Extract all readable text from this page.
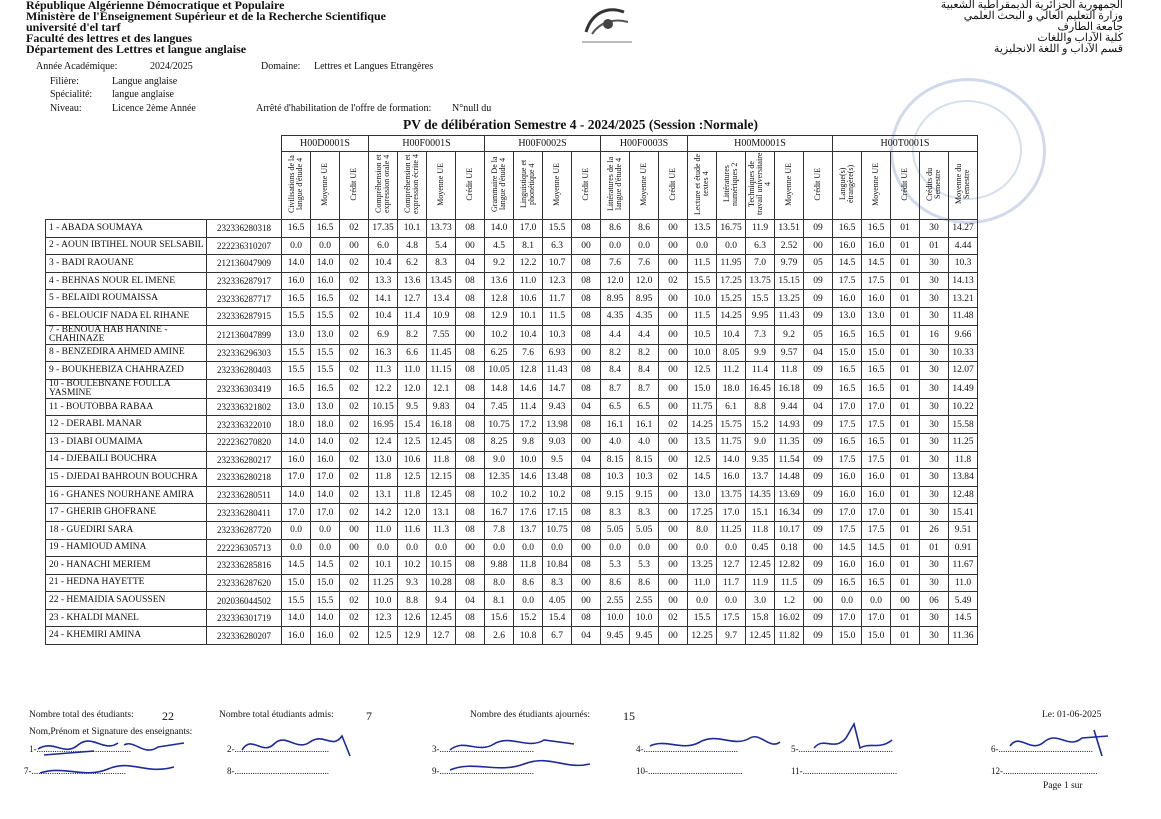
République Algérienne Démocratique et Populaire
Ministère de l'Enseignement Supérieur et de la Recherche Scientifique
université d'el tarf
Faculté des lettres et des langues
Département des Lettres et langue anglaise
الجمهورية الجزائرية الديمقراطية الشعبية
وزارة التعليم العالي و البحث العلمي
جامعة الطارف
كلية الآداب واللغات
قسم الآداب و اللغة الانجليزية
Année Académique:	2024/2025	Domaine: Lettres et Langues Etrangères
Filière:	Langue anglaise
Spécialité: langue anglaise
Niveau:	Licence 2ème Année	Arrêté d'habilitation de l'offre de formation: N°null du
PV de délibération Semestre 4 - 2024/2025 (Session :Normale)
		H00D0001S			H00F0001S				H00F0002S				H00F0003S			H00M0001S					H00T0001S				
		Civilisations de la langue d'étude 4	Moyenne UE	Crédit UE	Compréhension et expression orale 4	Compréhension et expression écrite 4	Moyenne UE	Crédit UE	Grammaire De la langue d'étude 4	Linguistique et phonétique 4	Moyenne UE	Crédit UE	Littératures de la langue d'étude 4	Moyenne UE	Crédit UE	Lecture et étude de textes 4	Littératures numériques 2	Techniques de travail universitaire 4	Moyenne UE	Crédit UE	Langue(s) étrangère(s)	Moyenne UE	Crédit UE	Crédits du Semestre	Moyenne du Semestre
1 - ABADA SOUMAYA	232336280318	16.5	16.5	02	17.35	10.1	13.73	08	14.0	17.0	15.5	08	8.6	8.6	00	13.5	16.75	11.9	13.51	09	16.5	16.5	01	30	14.27
2 - AOUN IBTIHEL NOUR SELSABIL	222236310207	0.0	0.0	00	6.0	4.8	5.4	00	4.5	8.1	6.3	00	0.0	0.0	00	0.0	0.0	6.3	2.52	00	16.0	16.0	01	01	4.44
3 - BADI RAOUANE	212136047909	14.0	14.0	02	10.4	6.2	8.3	04	9.2	12.2	10.7	08	7.6	7.6	00	11.5	11.95	7.0	9.79	05	14.5	14.5	01	30	10.3
4 - BEHNAS NOUR EL IMENE	232336287917	16.0	16.0	02	13.3	13.6	13.45	08	13.6	11.0	12.3	08	12.0	12.0	02	15.5	17.25	13.75	15.15	09	17.5	17.5	01	30	14.13
5 - BELAIDI ROUMAISSA	232336287717	16.5	16.5	02	14.1	12.7	13.4	08	12.8	10.6	11.7	08	8.95	8.95	00	10.0	15.25	15.5	13.25	09	16.0	16.0	01	30	13.21
6 - BELOUCIF NADA EL RIHANE	232336287915	15.5	15.5	02	10.4	11.4	10.9	08	12.9	10.1	11.5	08	4.35	4.35	00	11.5	14.25	9.95	11.43	09	13.0	13.0	01	30	11.48
7 - BENOUA HAB HANINE - CHAHINAZE	212136047899	13.0	13.0	02	6.9	8.2	7.55	00	10.2	10.4	10.3	08	4.4	4.4	00	10.5	10.4	7.3	9.2	05	16.5	16.5	01	16	9.66
8 - BENZEDIRA AHMED AMINE	232336296303	15.5	15.5	02	16.3	6.6	11.45	08	6.25	7.6	6.93	00	8.2	8.2	00	10.0	8.05	9.9	9.57	04	15.0	15.0	01	30	10.33
9 - BOUKHEBIZA CHAHRAZED	232336280403	15.5	15.5	02	11.3	11.0	11.15	08	10.05	12.8	11.43	08	8.4	8.4	00	12.5	11.2	11.4	11.8	09	16.5	16.5	01	30	12.07
10 - BOULEBNANE FOULLA YASMINE	232336303419	16.5	16.5	02	12.2	12.0	12.1	08	14.8	14.6	14.7	08	8.7	8.7	00	15.0	18.0	16.45	16.18	09	16.5	16.5	01	30	14.49
11 - BOUTOBBA RABAA	232336321802	13.0	13.0	02	10.15	9.5	9.83	04	7.45	11.4	9.43	04	6.5	6.5	00	11.75	6.1	8.8	9.44	04	17.0	17.0	01	30	10.22
12 - DERABL MANAR	232336322010	18.0	18.0	02	16.95	15.4	16.18	08	10.75	17.2	13.98	08	16.1	16.1	02	14.25	15.75	15.2	14.93	09	17.5	17.5	01	30	15.58
13 - DIABI OUMAIMA	222236270820	14.0	14.0	02	12.4	12.5	12.45	08	8.25	9.8	9.03	00	4.0	4.0	00	13.5	11.75	9.0	11.35	09	16.5	16.5	01	30	11.25
14 - DJEBAILI BOUCHRA	232336280217	16.0	16.0	02	13.0	10.6	11.8	08	9.0	10.0	9.5	04	8.15	8.15	00	12.5	14.0	9.35	11.54	09	17.5	17.5	01	30	11.8
15 - DJEDAI BAHROUN BOUCHRA	232336280218	17.0	17.0	02	11.8	12.5	12.15	08	12.35	14.6	13.48	08	10.3	10.3	02	14.5	16.0	13.7	14.48	09	16.0	16.0	01	30	13.84
16 - GHANES NOURHANE AMIRA	232336280511	14.0	14.0	02	13.1	11.8	12.45	08	10.2	10.2	10.2	08	9.15	9.15	00	13.0	13.75	14.35	13.69	09	16.0	16.0	01	30	12.48
17 - GHERIB GHOFRANE	232336280411	17.0	17.0	02	14.2	12.0	13.1	08	16.7	17.6	17.15	08	8.3	8.3	00	17.25	17.0	15.1	16.34	09	17.0	17.0	01	30	15.41
18 - GUEDIRI SARA	232336287720	0.0	0.0	00	11.0	11.6	11.3	08	7.8	13.7	10.75	08	5.05	5.05	00	8.0	11.25	11.8	10.17	09	17.5	17.5	01	26	9.51
19 - HAMIOUD AMINA	222236305713	0.0	0.0	00	0.0	0.0	0.0	00	0.0	0.0	0.0	00	0.0	0.0	00	0.0	0.0	0.45	0.18	00	14.5	14.5	01	01	0.91
20 - HANACHI MERIEM	232336285816	14.5	14.5	02	10.1	10.2	10.15	08	9.88	11.8	10.84	08	5.3	5.3	00	13.25	12.7	12.45	12.82	09	16.0	16.0	01	30	11.67
21 - HEDNA HAYETTE	232336287620	15.0	15.0	02	11.25	9.3	10.28	08	8.0	8.6	8.3	00	8.6	8.6	00	11.0	11.7	11.9	11.5	09	16.5	16.5	01	30	11.0
22 - HEMAIDIA SAOUSSEN	202036044502	15.5	15.5	02	10.0	8.8	9.4	04	8.1	0.0	4.05	00	2.55	2.55	00	0.0	0.0	3.0	1.2	00	0.0	0.0	00	06	5.49
23 - KHALDI MANEL	232336301719	14.0	14.0	02	12.3	12.6	12.45	08	15.6	15.2	15.4	08	10.0	10.0	02	15.5	17.5	15.8	16.02	09	17.0	17.0	01	30	14.5
24 - KHEMIRI AMINA	232336280207	16.0	16.0	02	12.5	12.9	12.7	08	2.6	10.8	6.7	04	9.45	9.45	00	12.25	9.7	12.45	11.82	09	15.0	15.0	01	30	11.36
Nombre total des étudiants: 22	Nombre total étudiants admis:	7	Nombre des étudiants ajournés:	15	Le: 01-06-2025
Nom,Prénom et Signature des enseignants:
1-..........................................	2-..........................................	3-..........................................	4-..........................................	5-..........................................	6-..........................................
7-..........................................	8-..........................................	9-..........................................	10-..........................................	11-..........................................	12-..........................................
Page 1 sur
